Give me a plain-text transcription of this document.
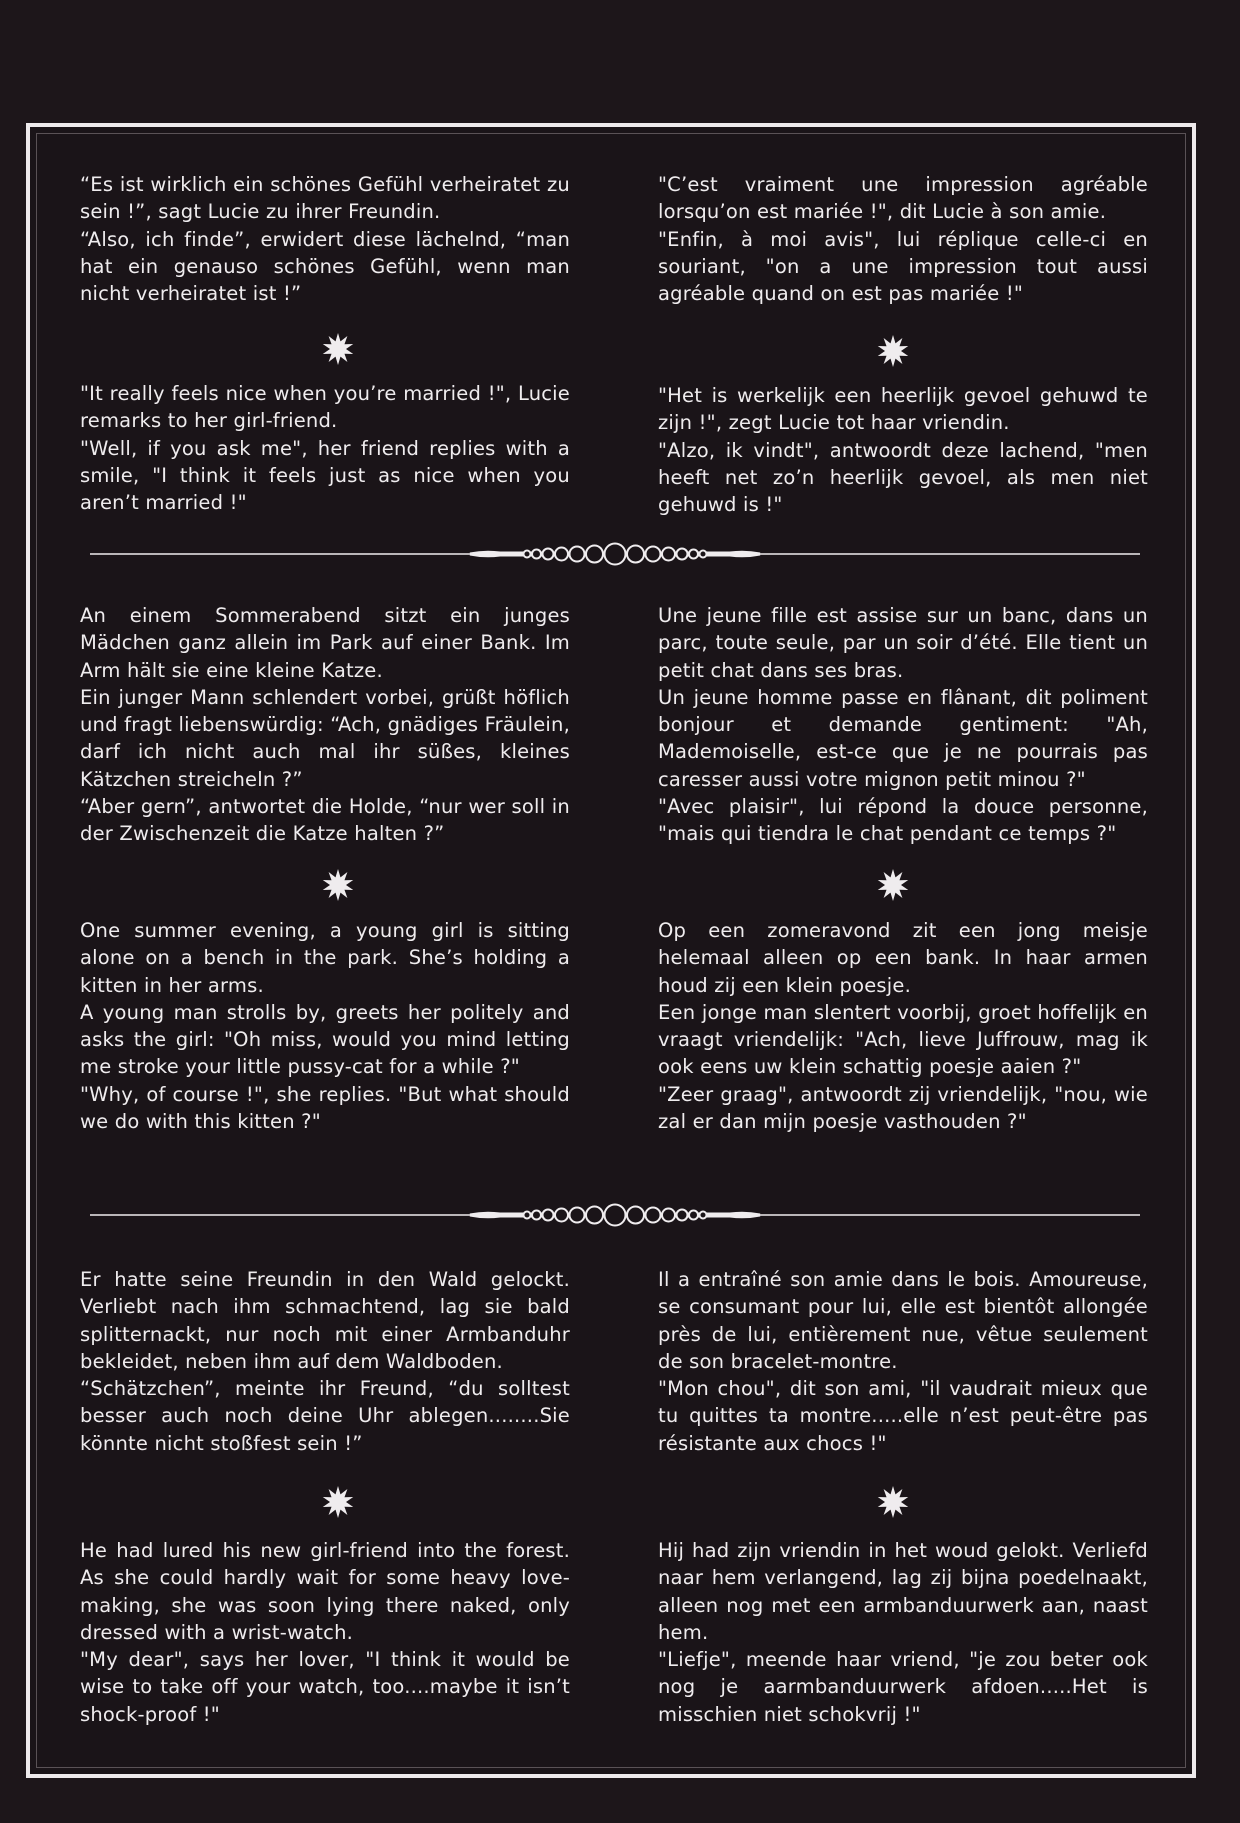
“Es ist wirklich ein schönes Gefühl verheiratet zu sein !”, sagt Lucie zu ihrer Freundin.

“Also, ich finde”, erwidert diese lächelnd, “man hat ein genauso schönes Gefühl, wenn man nicht verheiratet ist !”

"C’est vraiment une impression agréable lorsqu’on est mariée !", dit Lucie à son amie.

"Enfin, à moi avis", lui réplique celle-ci en souriant, "on a une impression tout aussi agréable quand on est pas mariée !"

"It really feels nice when you’re married !", Lucie remarks to her girl-friend.

"Well, if you ask me", her friend replies with a smile, "I think it feels just as nice when you aren’t married !"

"Het is werkelijk een heerlijk gevoel gehuwd te zijn !", zegt Lucie tot haar vriendin.

"Alzo, ik vindt", antwoordt deze lachend, "men heeft net zo’n heerlijk gevoel, als men niet gehuwd is !"

An einem Sommerabend sitzt ein junges Mädchen ganz allein im Park auf einer Bank. Im Arm hält sie eine kleine Katze.

Ein junger Mann schlendert vorbei, grüßt höflich und fragt liebenswürdig: “Ach, gnädiges Fräulein, darf ich nicht auch mal ihr süßes, kleines Kätzchen streicheln ?”

“Aber gern”, antwortet die Holde, “nur wer soll in der Zwischenzeit die Katze halten ?”

Une jeune fille est assise sur un banc, dans un parc, toute seule, par un soir d’été. Elle tient un petit chat dans ses bras.

Un jeune homme passe en flânant, dit poliment bonjour et demande gentiment: "Ah, Mademoiselle, est-ce que je ne pourrais pas caresser aussi votre mignon petit minou ?"

"Avec plaisir", lui répond la douce personne, "mais qui tiendra le chat pendant ce temps ?"

One summer evening, a young girl is sitting alone on a bench in the park. She’s holding a kitten in her arms.

A young man strolls by, greets her politely and asks the girl: "Oh miss, would you mind letting me stroke your little pussy-cat for a while ?"

"Why, of course !", she replies. "But what should we do with this kitten ?"

Op een zomeravond zit een jong meisje helemaal alleen op een bank. In haar armen houd zij een klein poesje.

Een jonge man slentert voorbij, groet hoffelijk en vraagt vriendelijk: "Ach, lieve Juffrouw, mag ik ook eens uw klein schattig poesje aaien ?"

"Zeer graag", antwoordt zij vriendelijk, "nou, wie zal er dan mijn poesje vasthouden ?"

Er hatte seine Freundin in den Wald gelockt. Verliebt nach ihm schmachtend, lag sie bald splitternackt, nur noch mit einer Armbanduhr bekleidet, neben ihm auf dem Waldboden.

“Schätzchen”, meinte ihr Freund, “du solltest besser auch noch deine Uhr ablegen........Sie könnte nicht stoßfest sein !”

Il a entraîné son amie dans le bois. Amoureuse, se consumant pour lui, elle est bientôt allongée près de lui, entièrement nue, vêtue seulement de son bracelet-montre.

"Mon chou", dit son ami, "il vaudrait mieux que tu quittes ta montre.....elle n’est peut-être pas résistante aux chocs !"

He had lured his new girl-friend into the forest. As she could hardly wait for some heavy love-making, she was soon lying there naked, only dressed with a wrist-watch.

"My dear", says her lover, "I think it would be wise to take off your watch, too....maybe it isn’t shock-proof !"

Hij had zijn vriendin in het woud gelokt. Verliefd naar hem verlangend, lag zij bijna poedelnaakt, alleen nog met een armbanduurwerk aan, naast hem.

"Liefje", meende haar vriend, "je zou beter ook nog je aarmbanduurwerk afdoen.....Het is misschien niet schokvrij !"
